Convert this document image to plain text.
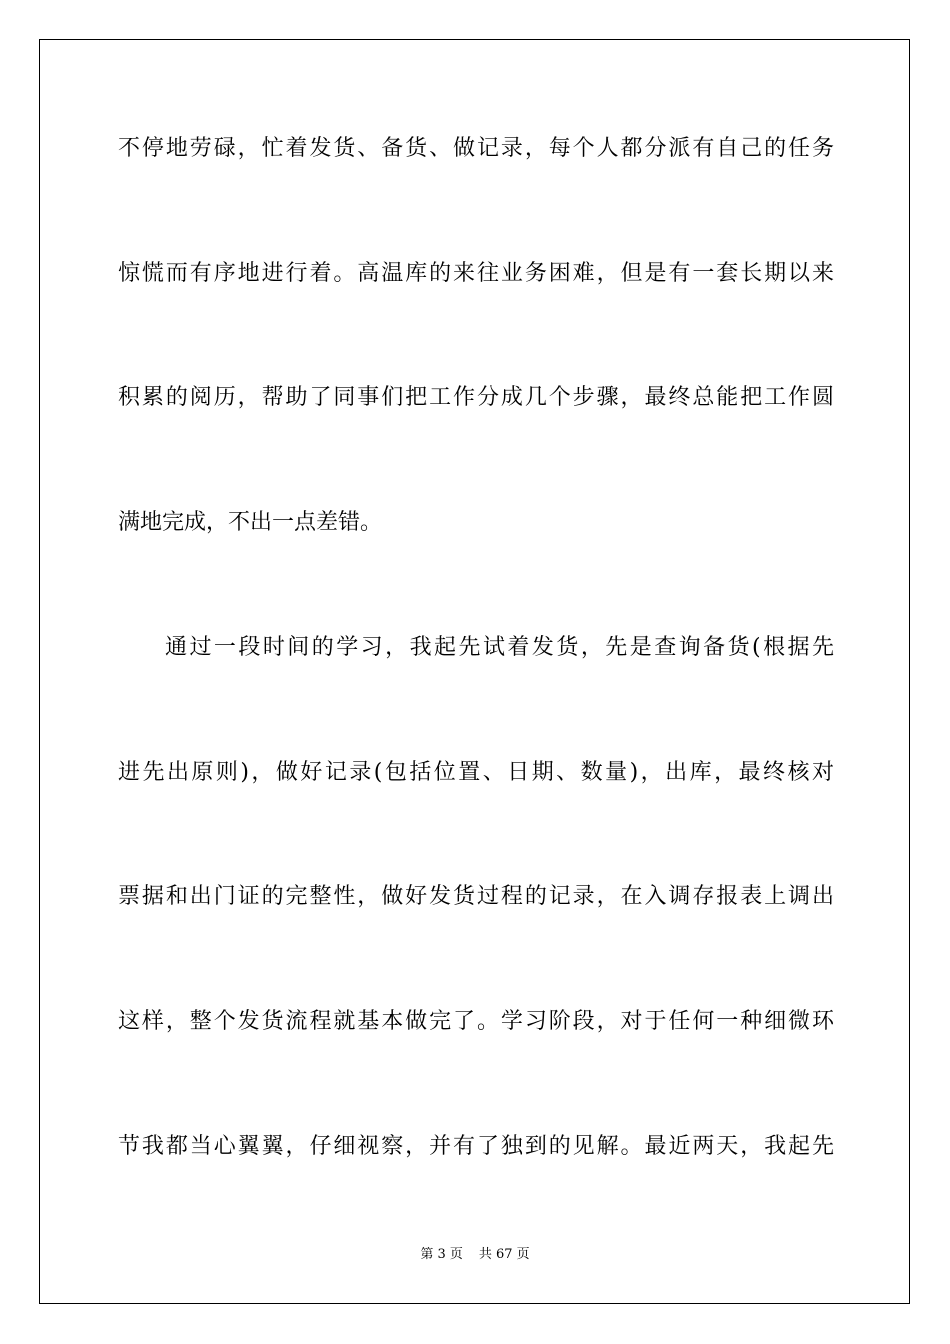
不停地劳碌，忙着发货、备货、做记录，每个人都分派有自己的任务
惊慌而有序地进行着。高温库的来往业务困难，但是有一套长期以来
积累的阅历，帮助了同事们把工作分成几个步骤，最终总能把工作圆
满地完成，不出一点差错。
通过一段时间的学习，我起先试着发货，先是查询备货(根据先
进先出原则)，做好记录(包括位置、日期、数量)，出库，最终核对
票据和出门证的完整性，做好发货过程的记录，在入调存报表上调出
这样，整个发货流程就基本做完了。学习阶段，对于任何一种细微环
节我都当心翼翼，仔细视察，并有了独到的见解。最近两天，我起先
第 3 页 共 67 页
